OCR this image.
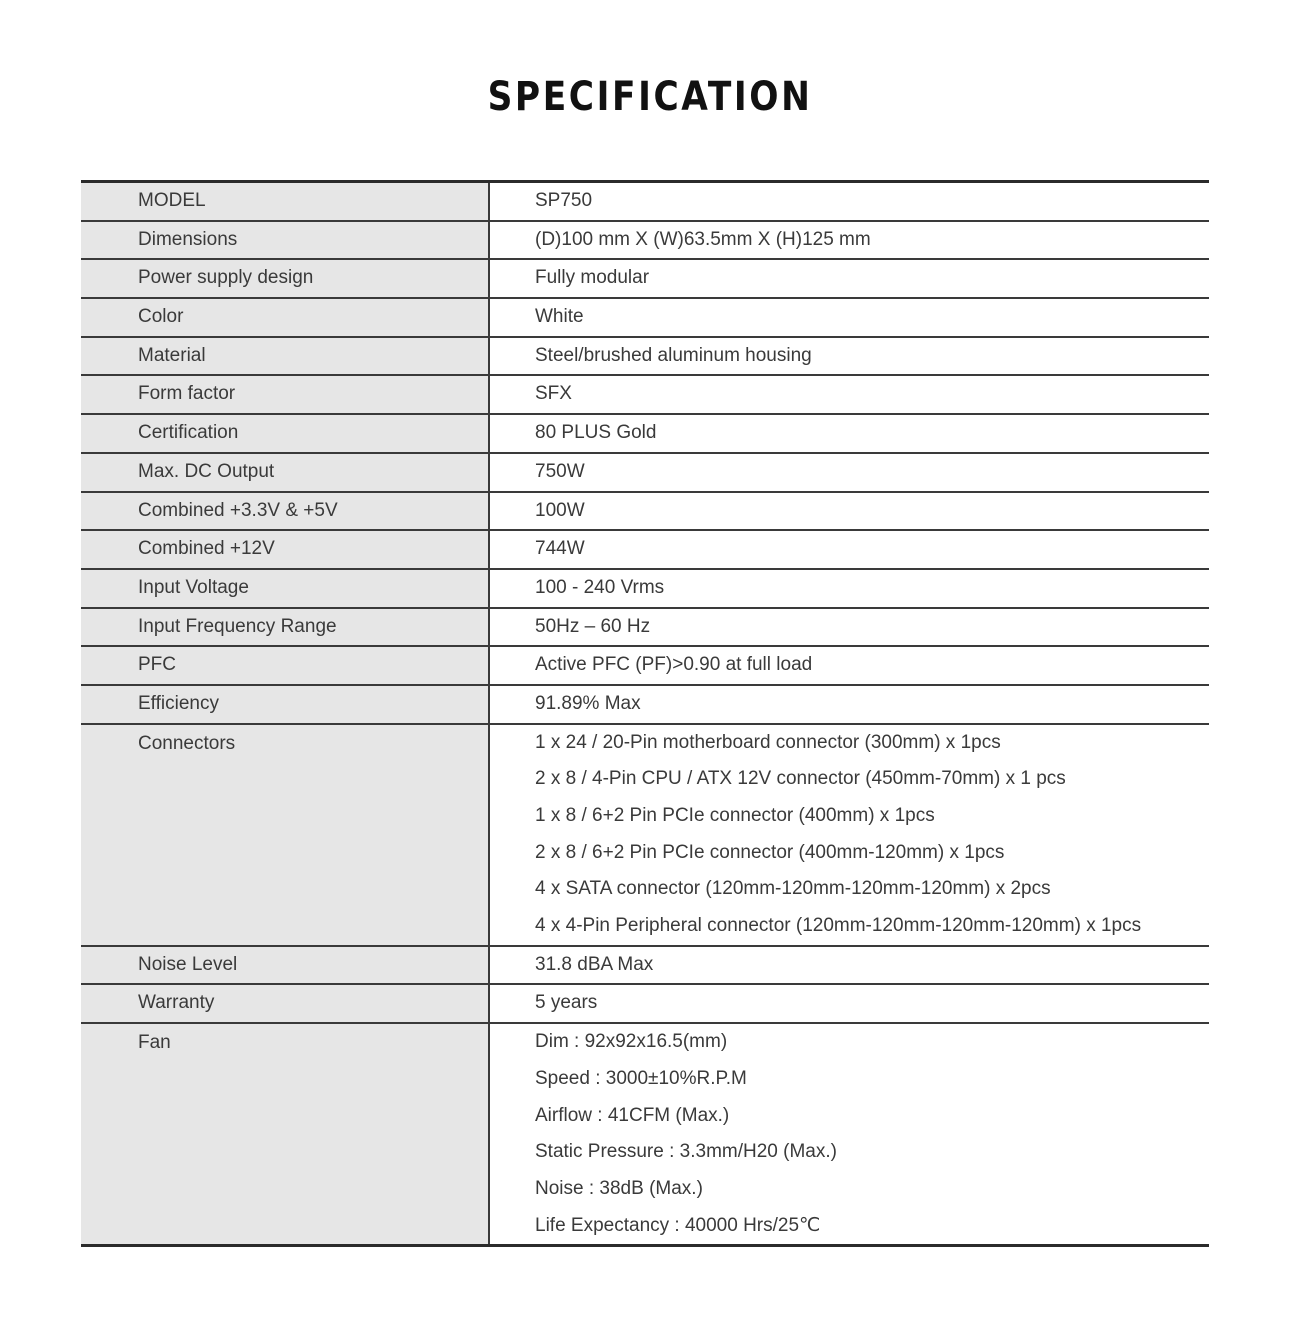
SPECIFICATION
MODEL	SP750
Dimensions	(D)100 mm X (W)63.5mm X (H)125 mm
Power supply design	Fully modular
Color	White
Material	Steel/brushed aluminum housing
Form factor	SFX
Certification	80 PLUS Gold
Max. DC Output	750W
Combined +3.3V & +5V	100W
Combined +12V	744W
Input Voltage	100 - 240 Vrms
Input Frequency Range	50Hz – 60 Hz
PFC	Active PFC (PF)>0.90 at full load
Efficiency	91.89% Max
Connectors	1 x 24 / 20-Pin motherboard connector (300mm) x 1pcs
2 x 8 / 4-Pin CPU / ATX 12V connector (450mm-70mm) x 1 pcs
1 x 8 / 6+2 Pin PCIe connector (400mm) x 1pcs
2 x 8 / 6+2 Pin PCIe connector (400mm-120mm) x 1pcs
4 x SATA connector (120mm-120mm-120mm-120mm) x 2pcs
4 x 4-Pin Peripheral connector (120mm-120mm-120mm-120mm) x 1pcs
Noise Level	31.8 dBA Max
Warranty	5 years
Fan	Dim : 92x92x16.5(mm)
Speed : 3000±10%R.P.M
Airflow : 41CFM (Max.)
Static Pressure : 3.3mm/H20 (Max.)
Noise : 38dB (Max.)
Life Expectancy : 40000 Hrs/25℃
